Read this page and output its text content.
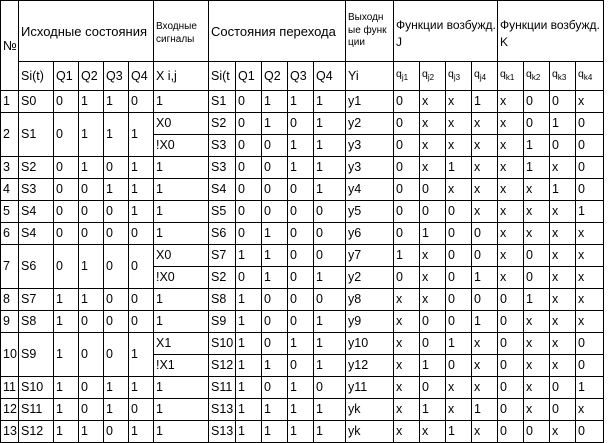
№	Исходные состояния					Входные сигналы	Состояния перехода					Выходные функции	Функции возбужд. J				Функции возбужд. K			
	Si(t)	Q1	Q2	Q3	Q4	X i,j	Si(t	Q1	Q2	Q3	Q4	Yi	$q_{j1}$	$q_{j2}$	$q_{j3}$	$q_{j4}$	$q_{k1}$	$q_{k2}$	$q_{k3}$	$q_{k4}$
1	S0	0	1	1	0	1	S1	0	1	1	1	y1	0	x	x	1	x	0	0	x
2	S1	0	1	1	1	X0	S2	0	1	0	1	y2	0	x	x	x	x	0	1	0
						!X0	S3	0	0	1	1	y3	0	x	x	x	x	1	0	0
3	S2	0	1	0	1	1	S3	0	0	1	1	y3	0	x	1	x	x	1	x	0
4	S3	0	0	1	1	1	S4	0	0	0	1	y4	0	0	x	x	x	x	1	0
5	S4	0	0	0	1	1	S5	0	0	0	0	y5	0	0	0	x	x	x	x	1
6	S4	0	0	0	0	1	S6	0	1	0	0	y6	0	1	0	0	x	x	x	x
7	S6	0	1	0	0	X0	S7	1	1	0	0	y7	1	x	0	0	x	0	x	x
						!X0	S2	0	1	0	1	y2	0	x	0	1	x	0	x	x
8	S7	1	1	0	0	1	S8	1	0	0	0	y8	x	x	0	0	0	1	x	x
9	S8	1	0	0	0	1	S9	1	0	0	1	y9	x	0	0	1	0	x	x	x
10	S9	1	0	0	1	X1	S10	1	0	1	1	y10	x	0	1	x	0	x	x	0
						!X1	S12	1	1	0	1	y12	x	1	0	x	0	x	x	0
11	S10	1	0	1	1	1	S11	1	0	1	0	y11	x	0	x	x	0	x	0	1
12	S11	1	0	1	0	1	S13	1	1	1	1	yk	x	1	x	1	0	x	0	x
13	S12	1	1	0	1	1	S13	1	1	1	1	yk	x	x	1	x	0	0	x	0
